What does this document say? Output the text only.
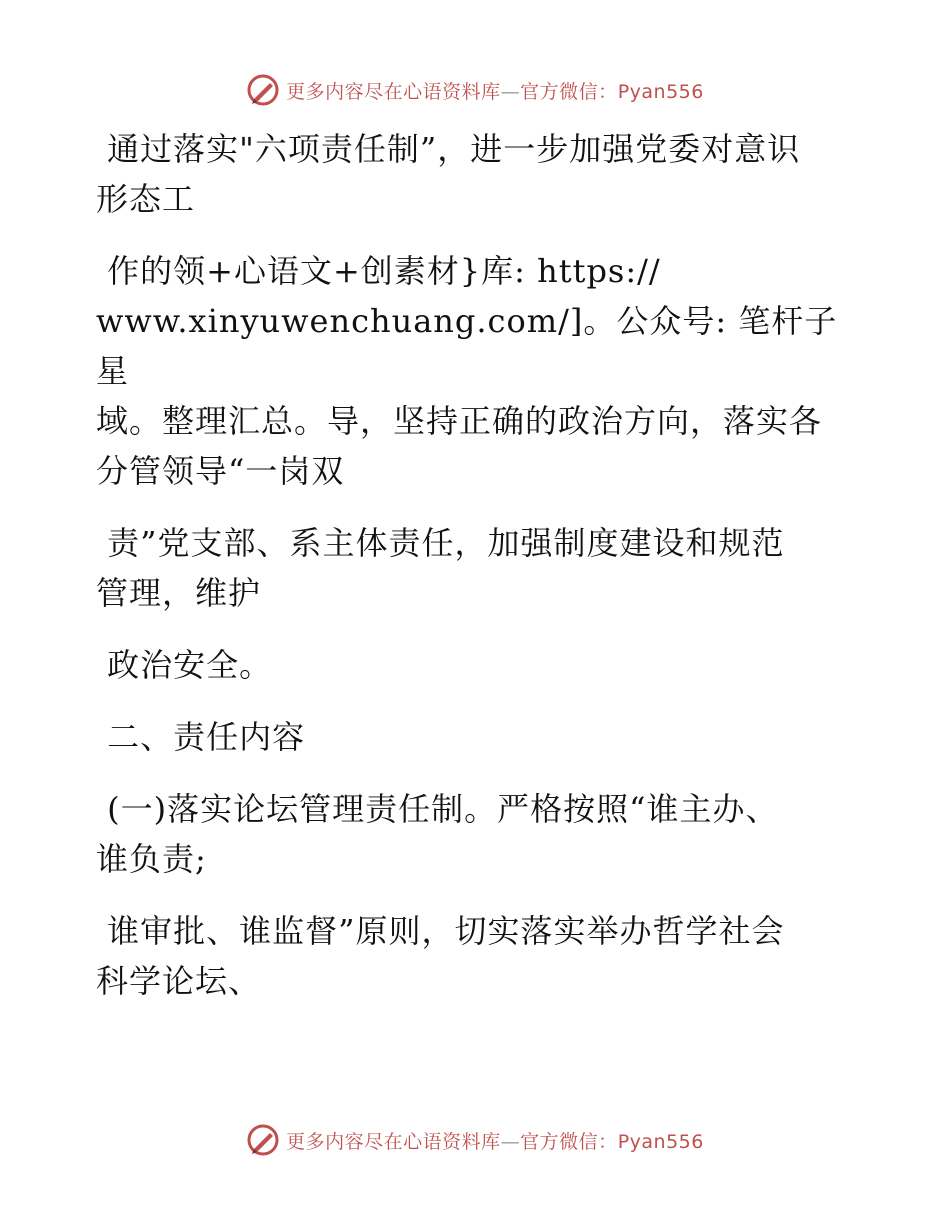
更多内容尽在心语资料库—官方微信：Pyan556
通过落实"六项责任制”，进一步加强党委对意识
形态工
作的领+心语文+创素材}库: https://
www.xinyuwenchuang.com/]。公众号: 笔杆子星
域。整理汇总。导，坚持正确的政治方向，落实各
分管领导“一岗双
责”党支部、系主体责任，加强制度建设和规范
管理，维护
政治安全。
二、责任内容
(一)落实论坛管理责任制。严格按照“谁主办、
谁负责;
谁审批、谁监督”原则，切实落实举办哲学社会
科学论坛、
更多内容尽在心语资料库—官方微信：Pyan556
